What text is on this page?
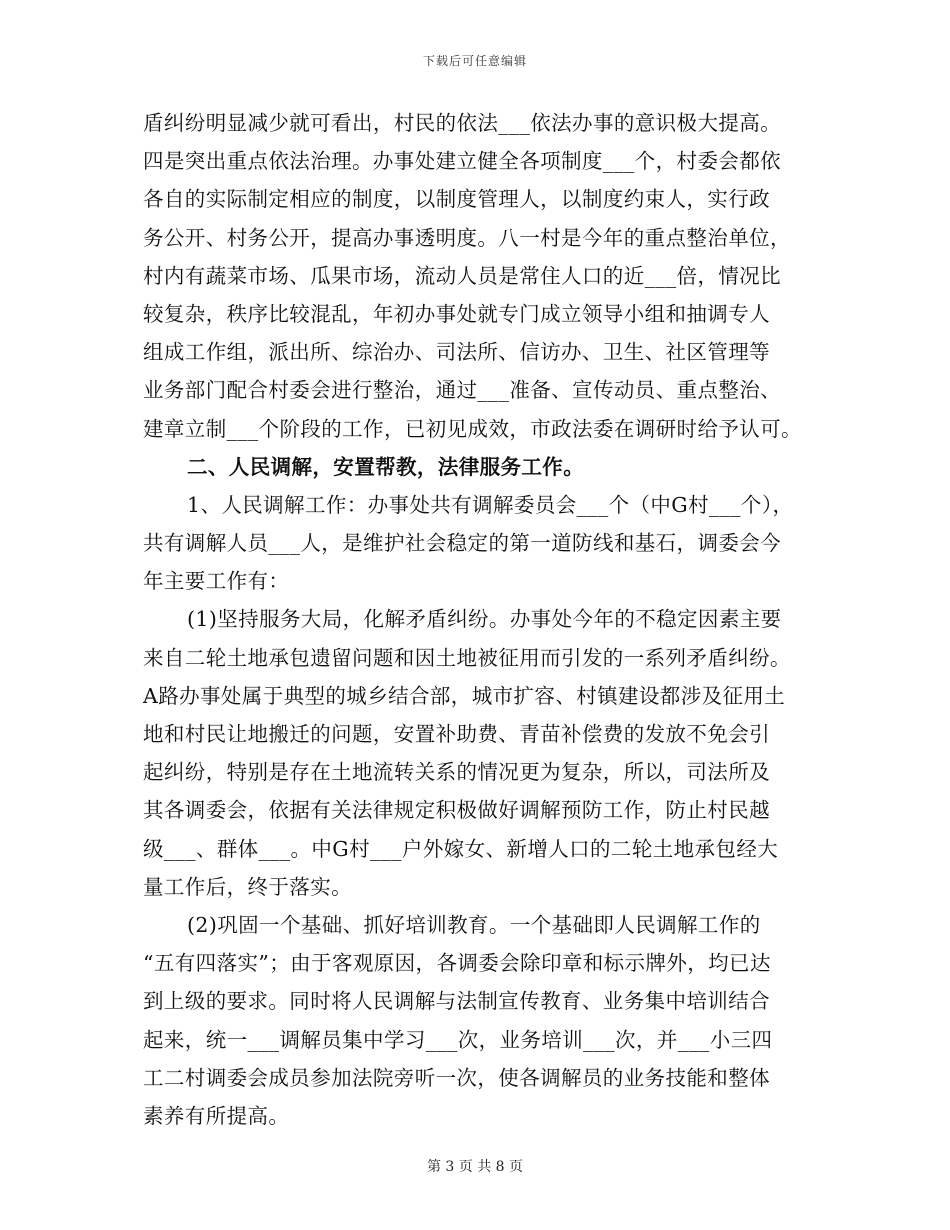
下载后可任意编辑
盾纠纷明显减少就可看出，村民的依法___依法办事的意识极大提高。
四是突出重点依法治理。办事处建立健全各项制度___个，村委会都依
各自的实际制定相应的制度，以制度管理人，以制度约束人，实行政
务公开、村务公开，提高办事透明度。八一村是今年的重点整治单位，
村内有蔬菜市场、瓜果市场，流动人员是常住人口的近___倍，情况比
较复杂，秩序比较混乱，年初办事处就专门成立领导小组和抽调专人
组成工作组，派出所、综治办、司法所、信访办、卫生、社区管理等
业务部门配合村委会进行整治，通过___准备、宣传动员、重点整治、
建章立制___个阶段的工作，已初见成效，市政法委在调研时给予认可。
二、人民调解，安置帮教，法律服务工作。
1、人民调解工作：办事处共有调解委员会___个（中G村___个），
共有调解人员___人，是维护社会稳定的第一道防线和基石，调委会今
年主要工作有：
(1)坚持服务大局，化解矛盾纠纷。办事处今年的不稳定因素主要
来自二轮土地承包遗留问题和因土地被征用而引发的一系列矛盾纠纷。
A路办事处属于典型的城乡结合部，城市扩容、村镇建设都涉及征用土
地和村民让地搬迁的问题，安置补助费、青苗补偿费的发放不免会引
起纠纷，特别是存在土地流转关系的情况更为复杂，所以，司法所及
其各调委会，依据有关法律规定积极做好调解预防工作，防止村民越
级___、群体___。中G村___户外嫁女、新增人口的二轮土地承包经大
量工作后，终于落实。
(2)巩固一个基础、抓好培训教育。一个基础即人民调解工作的
“五有四落实”；由于客观原因，各调委会除印章和标示牌外，均已达
到上级的要求。同时将人民调解与法制宣传教育、业务集中培训结合
起来，统一___调解员集中学习___次，业务培训___次，并___小三四
工二村调委会成员参加法院旁听一次，使各调解员的业务技能和整体
素养有所提高。
第 3 页 共 8 页
